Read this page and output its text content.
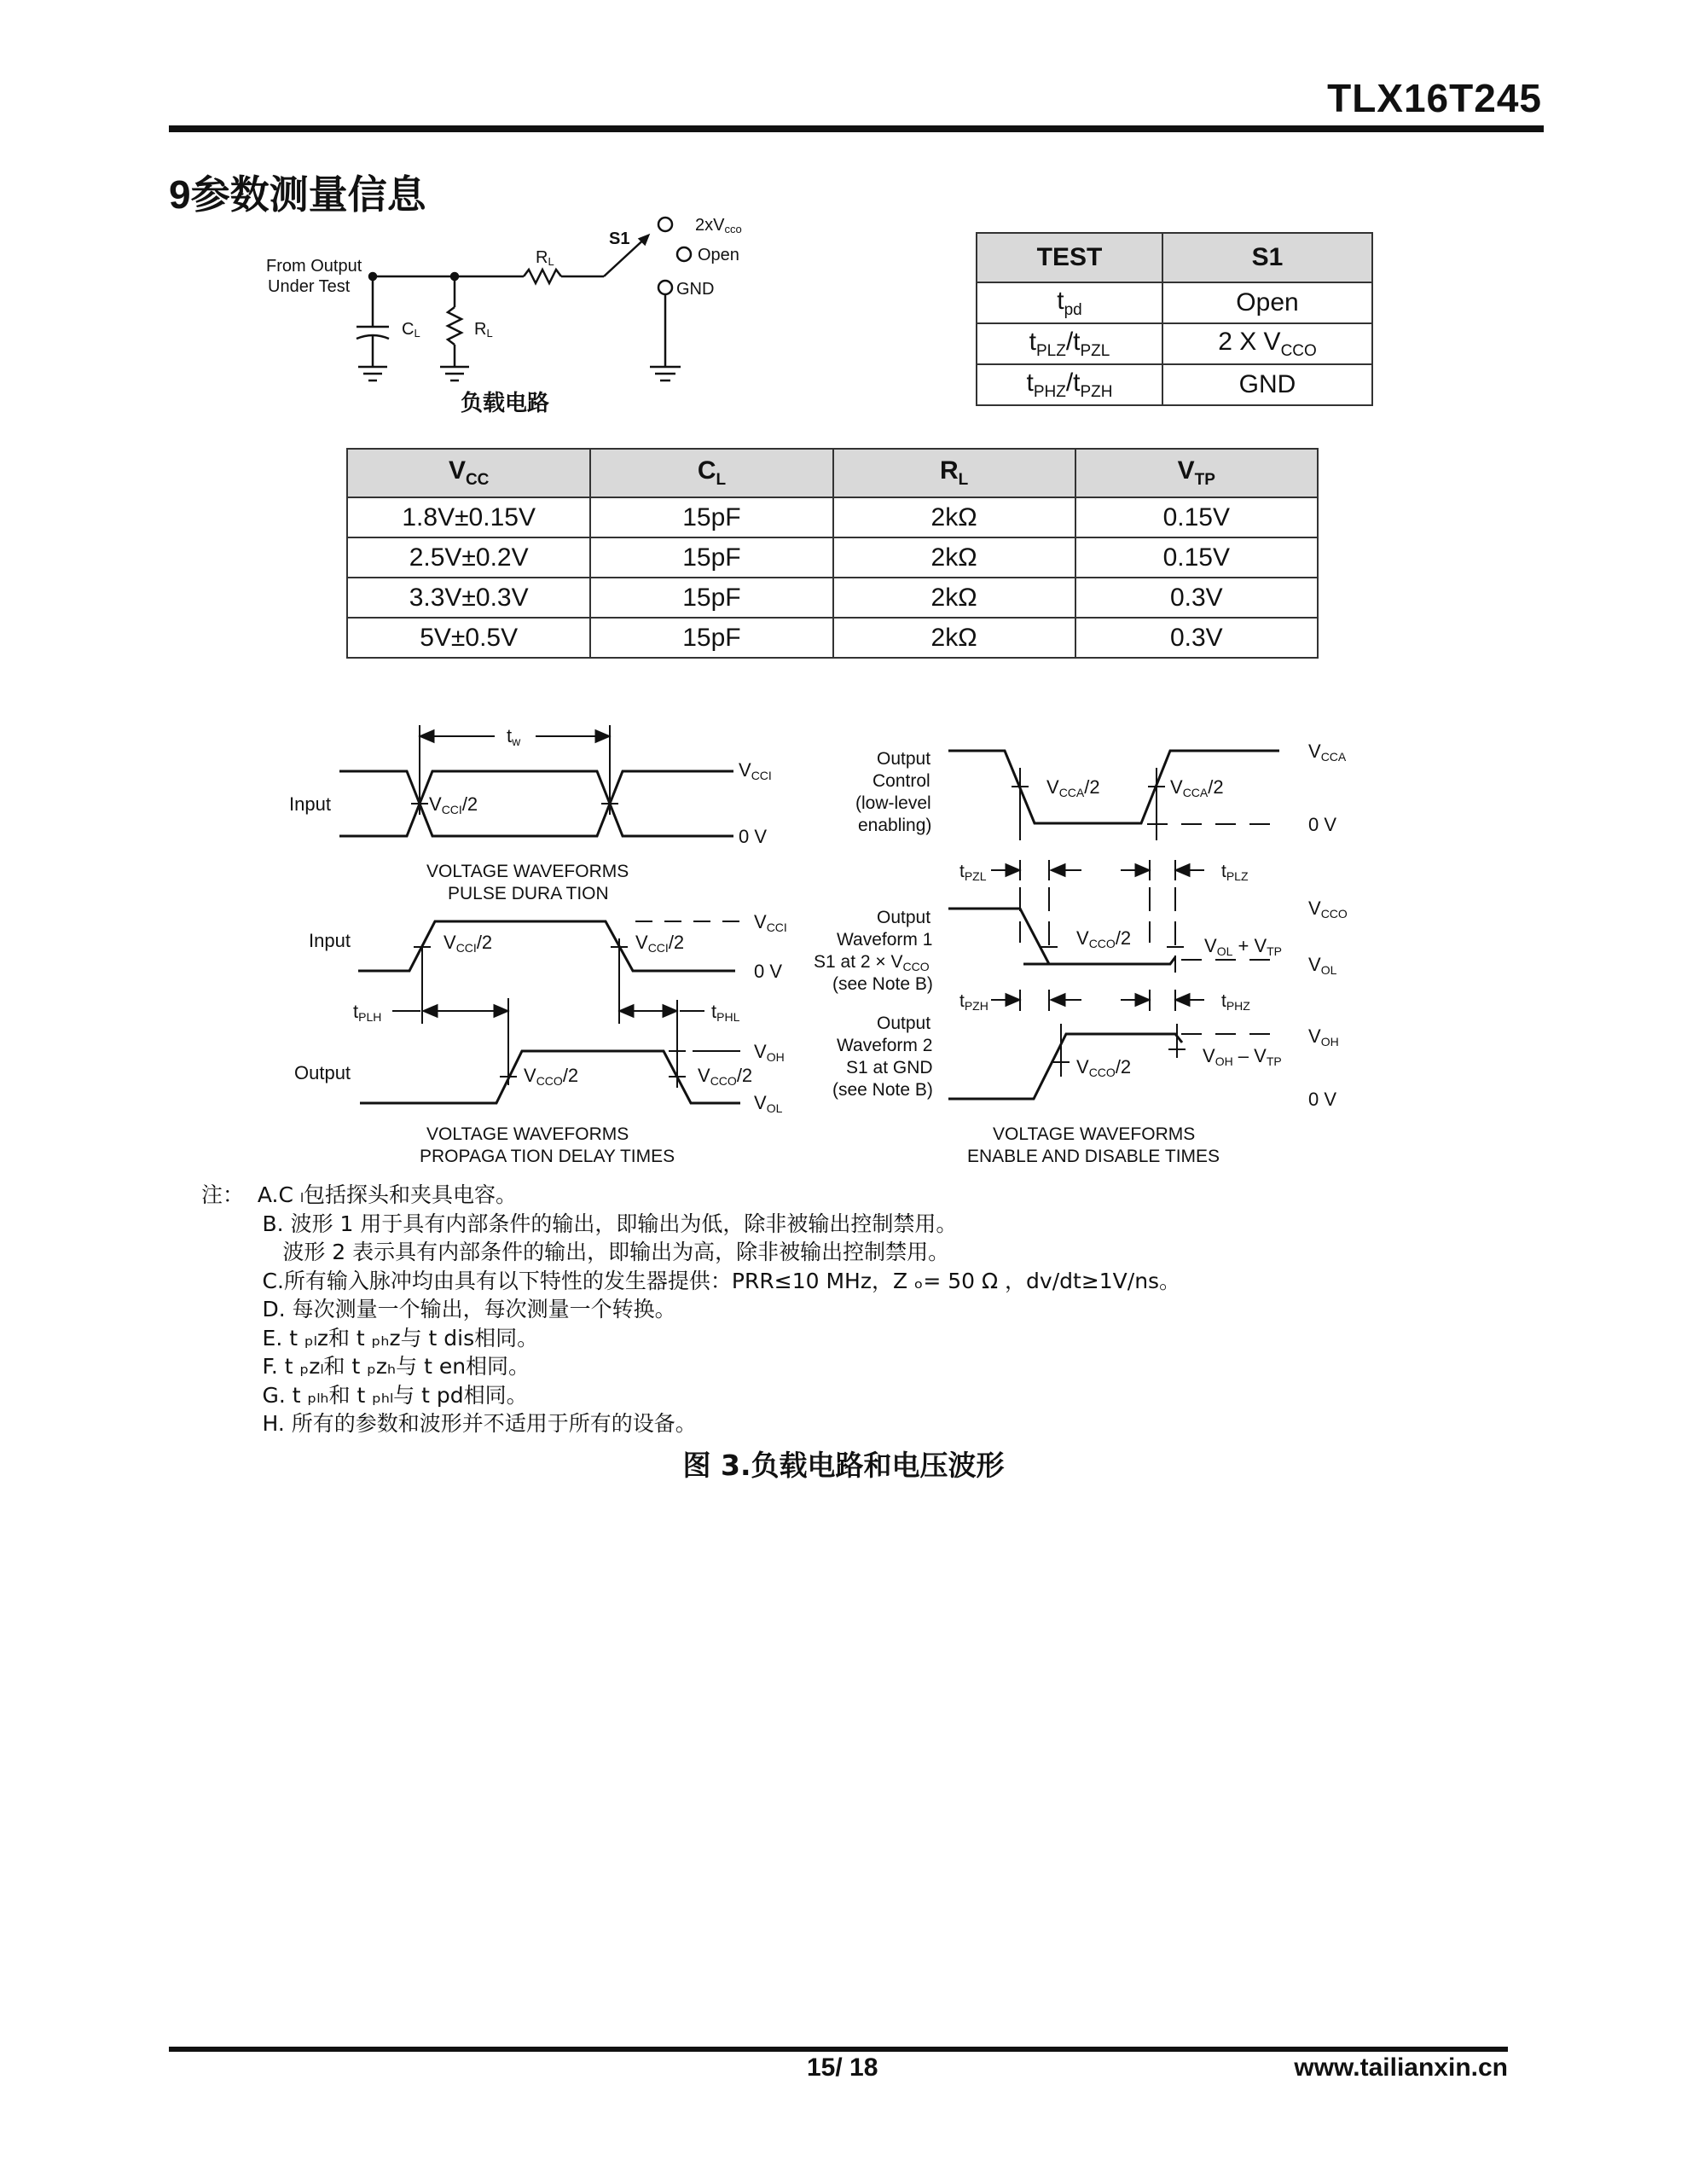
TLX16T245
9参数测量信息
From Output
Under Test
RL
CL	RL
S1
2xVcco
Open
GND
负载电路
tw
Input	VCCI/2
VCCI
0 V
VOLTAGE WAVEFORMS
PULSE DURA TION
Input	VCCI/2	VCCI/2
VCCI
0 V
tPLH	tPHL
Output	VCCO/2	VCCO/2
VOH
VOL
VOLTAGE WAVEFORMS
PROPAGA TION DELAY TIMES
Output
Control
(low-level
enabling)
VCCA/2	VCCA/2
VCCA
0 V
tPZL	tPLZ
Output
Waveform 1
S1 at 2 × VCCO
(see Note B)
VCCO/2	VOL + VTP
VCCO
VOL
tPZH	tPHZ
Output
Waveform 2
S1 at GND
(see Note B)
VCCO/2
VOH – VTP
VOH
0 V
VOLTAGE WAVEFORMS
ENABLE AND DISABLE TIMES
TEST	S1
$t_{pd}$	Open
$t_{PLZ}/t_{PZL}$	2 X $V_{CCO}$
$t_{PHZ}/t_{PZH}$	GND
$V_{CC}$	$C_L$	$R_L$	$V_{TP}$
1.8V±0.15V	15pF	2kΩ	0.15V
2.5V±0.2V	15pF	2kΩ	0.15V
3.3V±0.3V	15pF	2kΩ	0.3V
5V±0.5V	15pF	2kΩ	0.3V
注：  A.C ₗ包括探头和夹具电容。
B. 波形 1 用于具有内部条件的输出，即输出为低，除非被输出控制禁用。
波形 2 表示具有内部条件的输出，即输出为高，除非被输出控制禁用。
C.所有输入脉冲均由具有以下特性的发生器提供：PRR≤10 MHz，Z ₒ= 50 Ω ，dv/dt≥1V/ns。
D. 每次测量一个输出，每次测量一个转换。
E. t ₚₗᴢ和 t ₚₕᴢ与 t dis相同。
F. t ₚᴢₗ和 t ₚᴢₕ与 t en相同。
G. t ₚₗₕ和 t ₚₕₗ与 t pd相同。
H. 所有的参数和波形并不适用于所有的设备。
图 3.负载电路和电压波形
15/ 18	www.tailianxin.cn
